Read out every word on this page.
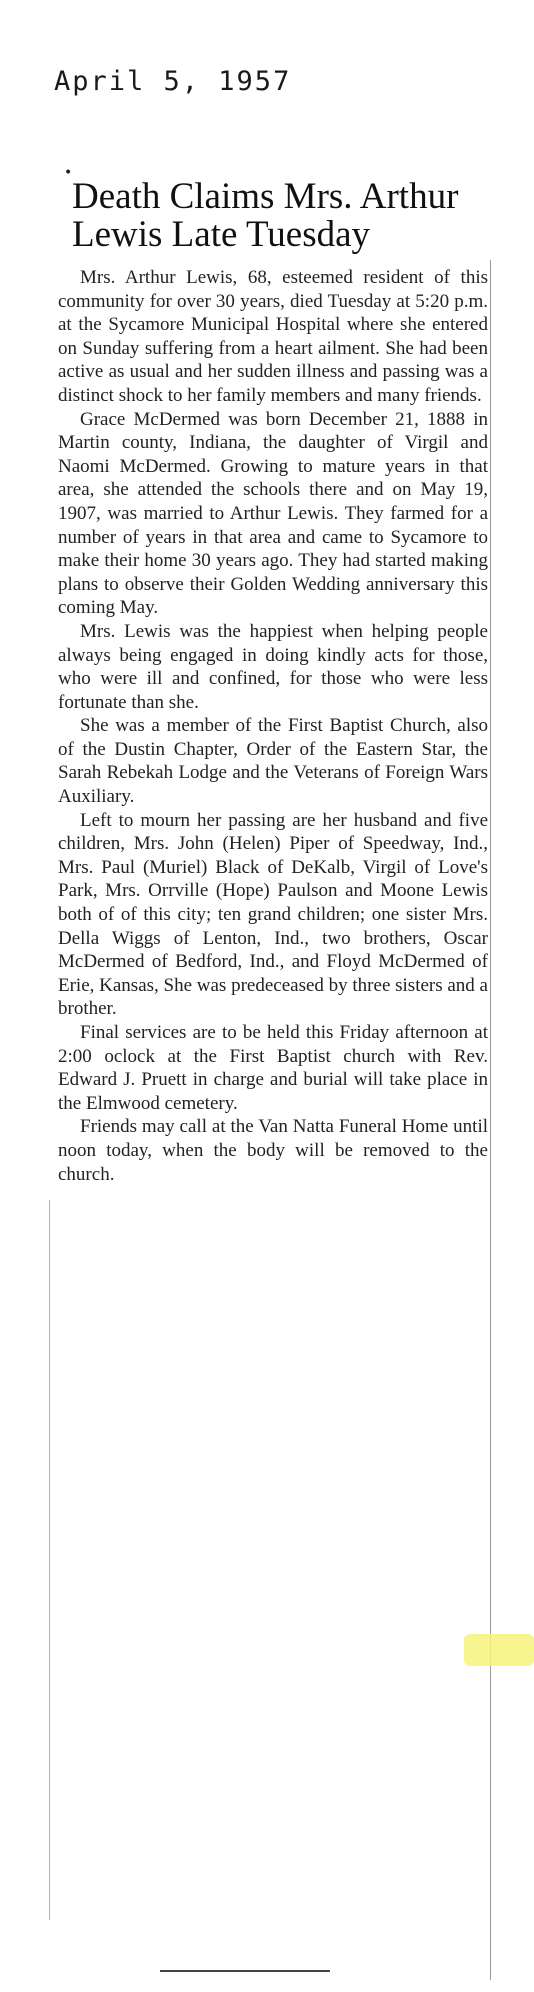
April 5, 1957
•
Death Claims Mrs. Arthur Lewis Late Tuesday

Mrs. Arthur Lewis, 68, esteemed resident of this community for over 30 years, died Tuesday at 5:20 p.m. at the Sycamore Municipal Hospital where she entered on Sunday suffering from a heart ailment. She had been active as usual and her sudden illness and passing was a distinct shock to her family members and many friends.

Grace McDermed was born December 21, 1888 in Martin county, Indiana, the daughter of Virgil and Naomi McDermed. Growing to mature years in that area, she attended the schools there and on May 19, 1907, was married to Arthur Lewis. They farmed for a number of years in that area and came to Sycamore to make their home 30 years ago. They had started making plans to observe their Golden Wedding anniversary this coming May.

Mrs. Lewis was the happiest when helping people always being engaged in doing kindly acts for those, who were ill and confined, for those who were less fortunate than she.

She was a member of the First Baptist Church, also of the Dustin Chapter, Order of the Eastern Star, the Sarah Rebekah Lodge and the Veterans of Foreign Wars Auxiliary.

Left to mourn her passing are her husband and five children, Mrs. John (Helen) Piper of Speedway, Ind., Mrs. Paul (Muriel) Black of DeKalb, Virgil of Love's Park, Mrs. Orrville (Hope) Paulson and Moone Lewis both of of this city; ten grand children; one sister Mrs. Della Wiggs of Lenton, Ind., two brothers, Oscar McDermed of Bedford, Ind., and Floyd McDermed of Erie, Kansas, She was predeceased by three sisters and a brother.

Final services are to be held this Friday afternoon at 2:00 oclock at the First Baptist church with Rev. Edward J. Pruett in charge and burial will take place in the Elmwood cemetery.

Friends may call at the Van Natta Funeral Home until noon today, when the body will be removed to the church.
